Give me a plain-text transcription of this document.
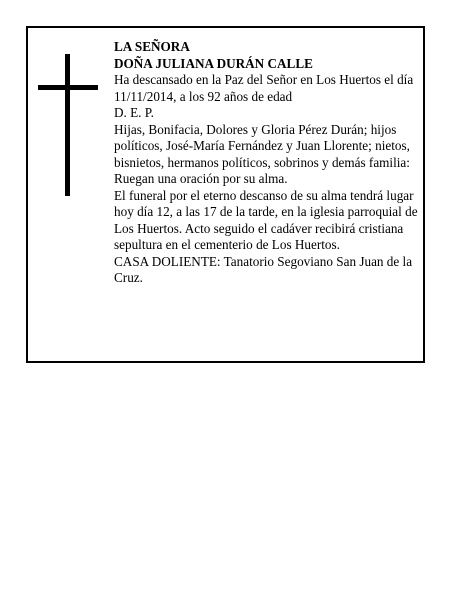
LA SEÑORA
DOÑA JULIANA DURÁN CALLE
Ha descansado en la Paz del Señor en Los Huertos el día 11/11/2014, a los 92 años de edad
D. E. P.
Hijas, Bonifacia, Dolores y Gloria Pérez Durán; hijos políticos, José-María Fernández y Juan Llorente; nietos, bisnietos, hermanos políticos, sobrinos y demás familia:
Ruegan una oración por su alma.
El funeral por el eterno descanso de su alma tendrá lugar hoy día 12, a las 17 de la tarde, en la iglesia parroquial de Los Huertos. Acto seguido el cadáver recibirá cristiana sepultura en el cementerio de Los Huertos.
CASA DOLIENTE: Tanatorio Segoviano San Juan de la Cruz.
